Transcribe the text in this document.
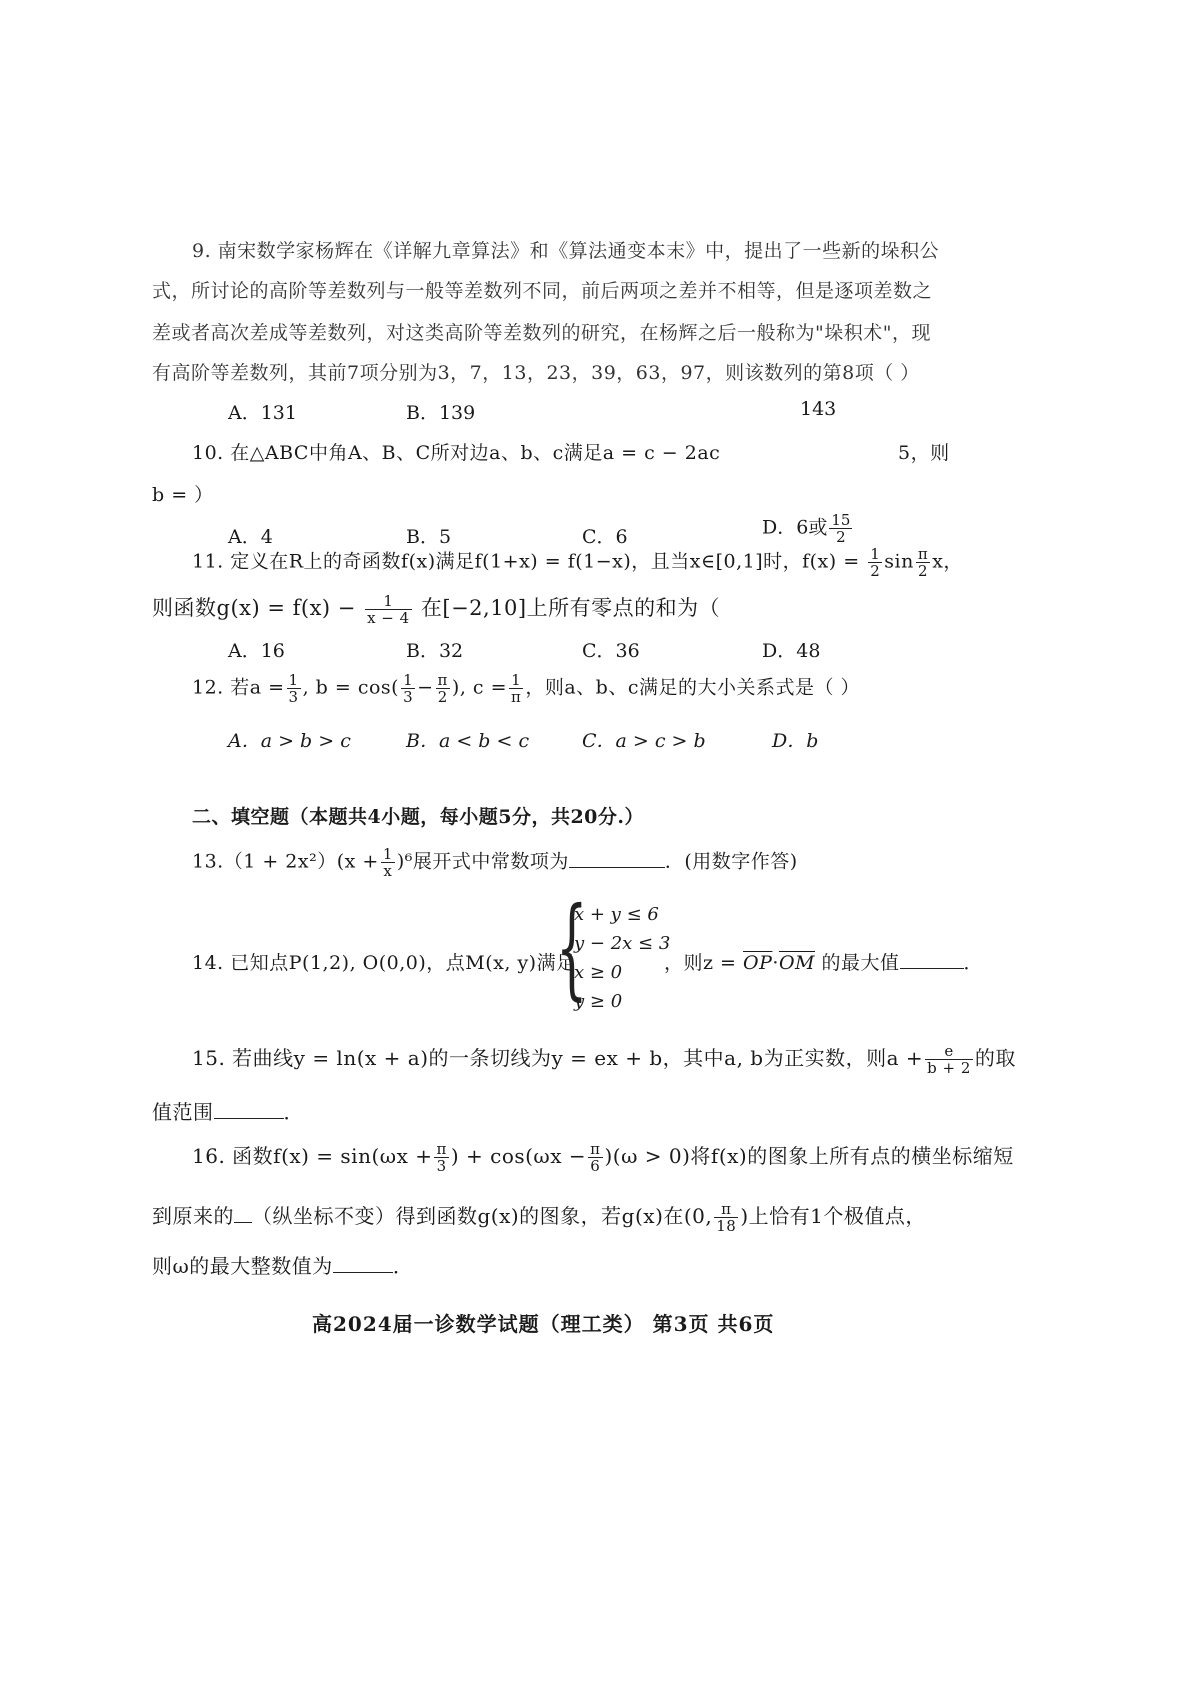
9. 南宋数学家杨辉在《详解九章算法》和《算法通变本末》中，提出了一些新的垛积公
式，所讨论的高阶等差数列与一般等差数列不同，前后两项之差并不相等，但是逐项差数之
差或者高次差成等差数列，对这类高阶等差数列的研究，在杨辉之后一般称为"垛积术"，现
有高阶等差数列，其前7项分别为3，7，13，23，39，63，97，则该数列的第8项（ ）
A．131	B．139	143
10. 在△ABC中角A、B、C所对边a、b、c满足a = c − 2ac	5，则
b = ）
A．4	B．5	C．6	D．6或 $\frac{15}{2}$
11. 定义在R上的奇函数f(x)满足f(1+x) = f(1−x)，且当x∈[0,1]时，$f(x) = \frac{1}{2}$ $\sin \frac{\pi}{2}$ x，
则函数$g(x) = f(x) - \frac{1}{x - 4}$ 在[−2,10]上所有零点的和为（
A．16	B．32	C．36	D．48
12. 若$a = \frac{1}{3}$ , $b = \cos( \frac{1}{3} - \frac{\pi}{2}$ ), $c = \frac{1}{\pi}$ ，则a、b、c满足的大小关系式是（ ）
A．a > b > c	B．a < b < c	C．a > c > b	D．b
二、填空题（本题共4小题，每小题5分，共20分.）
$13.(1 + 2x^2)(x + \frac{1}{x} )^6$展开式中常数项为	．(用数字作答)
14. 已知点P(1,2), O(0,0)，点M(x, y)满足
{
x + y ≤ 6
y − 2x ≤ 3
x ≥ 0
y ≥ 0
，则$z = \overline{OP}\cdot\overline{OM}$ 的最大值	．
15. 若曲线y = ln(x + a)的一条切线为y = ex + b，其中a, b为正实数，则$a + \frac{e}{b + 2}$ 的取
值范围	．
16. 函数$f(x) = \sin(\omega x + \frac{\pi}{3}$ ) + $\cos(\omega x - \frac{\pi}{6} )(\omega > 0)$将f(x)的图象上所有点的横坐标缩短
到原来的 （纵坐标不变）得到函数g(x)的图象，若g(x)在(0, $\frac{\pi}{18}$ )上恰有1个极值点，
则ω的最大整数值为	．
高2024届一诊数学试题（理工类） 第3页 共6页
